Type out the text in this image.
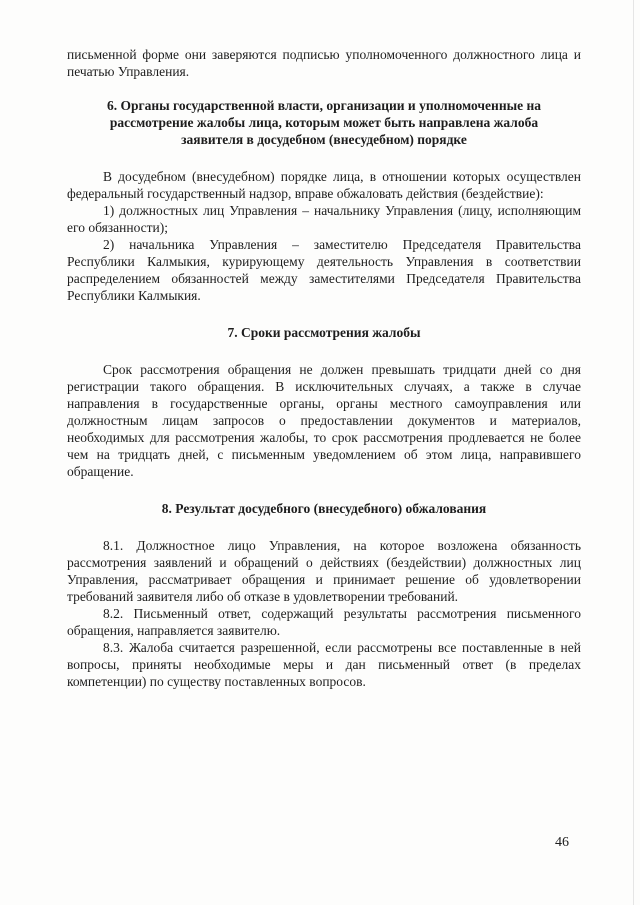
письменной форме они заверяются подписью уполномоченного должностного лица и печатью Управления.

6. Органы государственной власти, организации и уполномоченные на рассмотрение жалобы лица, которым может быть направлена жалоба заявителя в досудебном (внесудебном) порядке

В досудебном (внесудебном) порядке лица, в отношении которых осуществлен федеральный государственный надзор, вправе обжаловать действия (бездействие):

1) должностных лиц Управления – начальнику Управления (лицу, исполняющим его обязанности);

2) начальника Управления – заместителю Председателя Правительства Республики Калмыкия, курирующему деятельность Управления в соответствии распределением обязанностей между заместителями Председателя Правительства Республики Калмыкия.

7. Сроки рассмотрения жалобы

Срок рассмотрения обращения не должен превышать тридцати дней со дня регистрации такого обращения. В исключительных случаях, а также в случае направления в государственные органы, органы местного самоуправления или должностным лицам запросов о предоставлении документов и материалов, необходимых для рассмотрения жалобы, то срок рассмотрения продлевается не более чем на тридцать дней, с письменным уведомлением об этом лица, направившего обращение.

8. Результат досудебного (внесудебного) обжалования

8.1. Должностное лицо Управления, на которое возложена обязанность рассмотрения заявлений и обращений о действиях (бездействии) должностных лиц Управления, рассматривает обращения и принимает решение об удовлетворении требований заявителя либо об отказе в удовлетворении требований.

8.2. Письменный ответ, содержащий результаты рассмотрения письменного обращения, направляется заявителю.

8.3. Жалоба считается разрешенной, если рассмотрены все поставленные в ней вопросы, приняты необходимые меры и дан письменный ответ (в пределах компетенции) по существу поставленных вопросов.

46
